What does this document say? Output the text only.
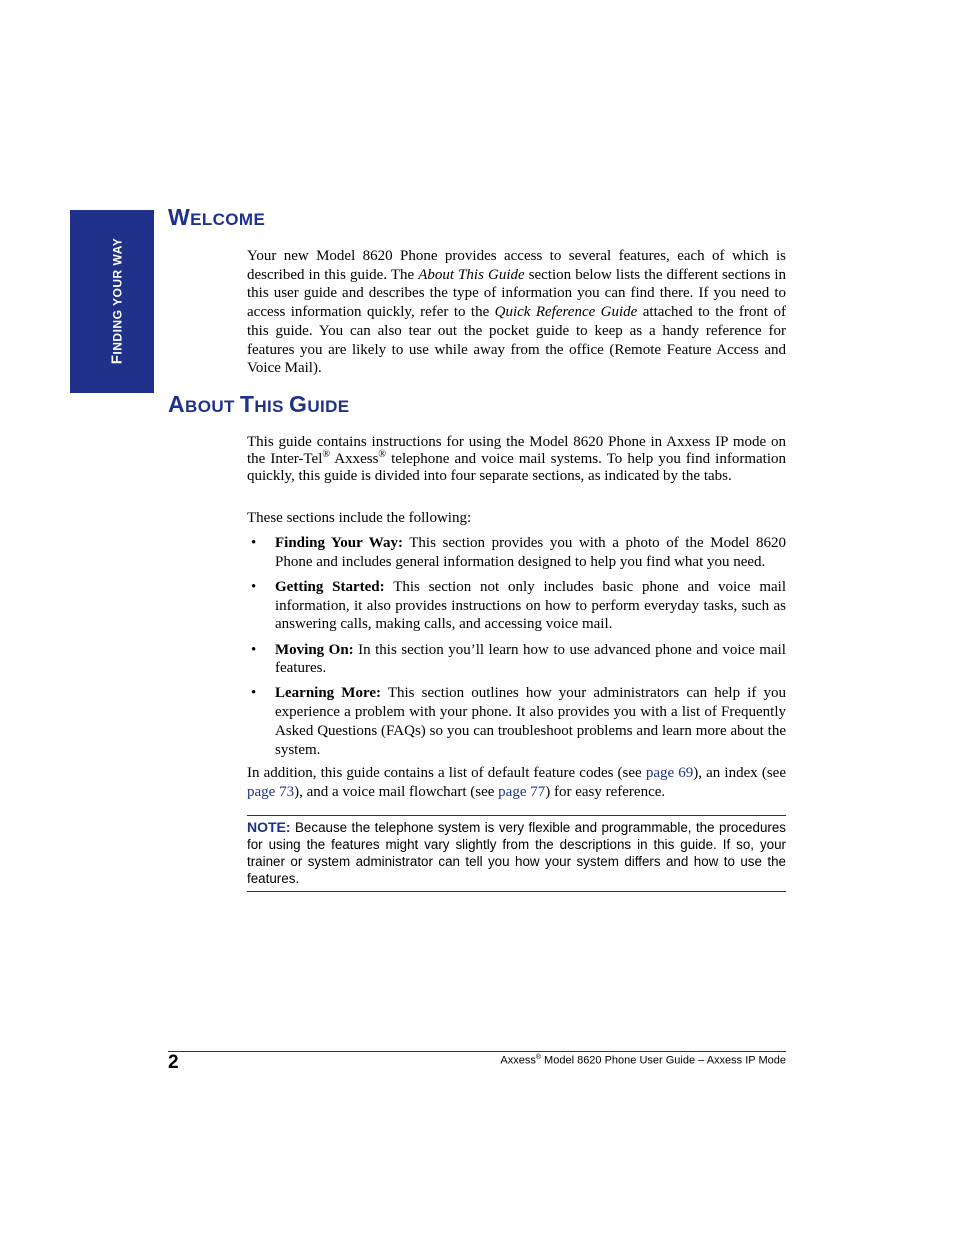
FINDING YOUR WAY
WELCOME

Your new Model 8620 Phone provides access to several features, each of which is described in this guide. The About This Guide section below lists the different sections in this user guide and describes the type of information you can find there. If you need to access information quickly, refer to the Quick Reference Guide attached to the front of this guide. You can also tear out the pocket guide to keep as a handy reference for features you are likely to use while away from the office (Remote Feature Access and Voice Mail).

ABOUT THIS GUIDE

This guide contains instructions for using the Model 8620 Phone in Axxess IP mode on the Inter-Tel® Axxess® telephone and voice mail systems. To help you find information quickly, this guide is divided into four separate sections, as indicated by the tabs.

These sections include the following:

• Finding Your Way: This section provides you with a photo of the Model 8620 Phone and includes general information designed to help you find what you need.
• Getting Started: This section not only includes basic phone and voice mail information, it also provides instructions on how to perform everyday tasks, such as answering calls, making calls, and accessing voice mail.
• Moving On: In this section you’ll learn how to use advanced phone and voice mail features.
• Learning More: This section outlines how your administrators can help if you experience a problem with your phone. It also provides you with a list of Frequently Asked Questions (FAQs) so you can troubleshoot problems and learn more about the system.

In addition, this guide contains a list of default feature codes (see page 69), an index (see page 73), and a voice mail flowchart (see page 77) for easy reference.

NOTE: Because the telephone system is very flexible and programmable, the procedures for using the features might vary slightly from the descriptions in this guide. If so, your trainer or system administrator can tell you how your system differs and how to use the features.

2	Axxess® Model 8620 Phone User Guide – Axxess IP Mode
